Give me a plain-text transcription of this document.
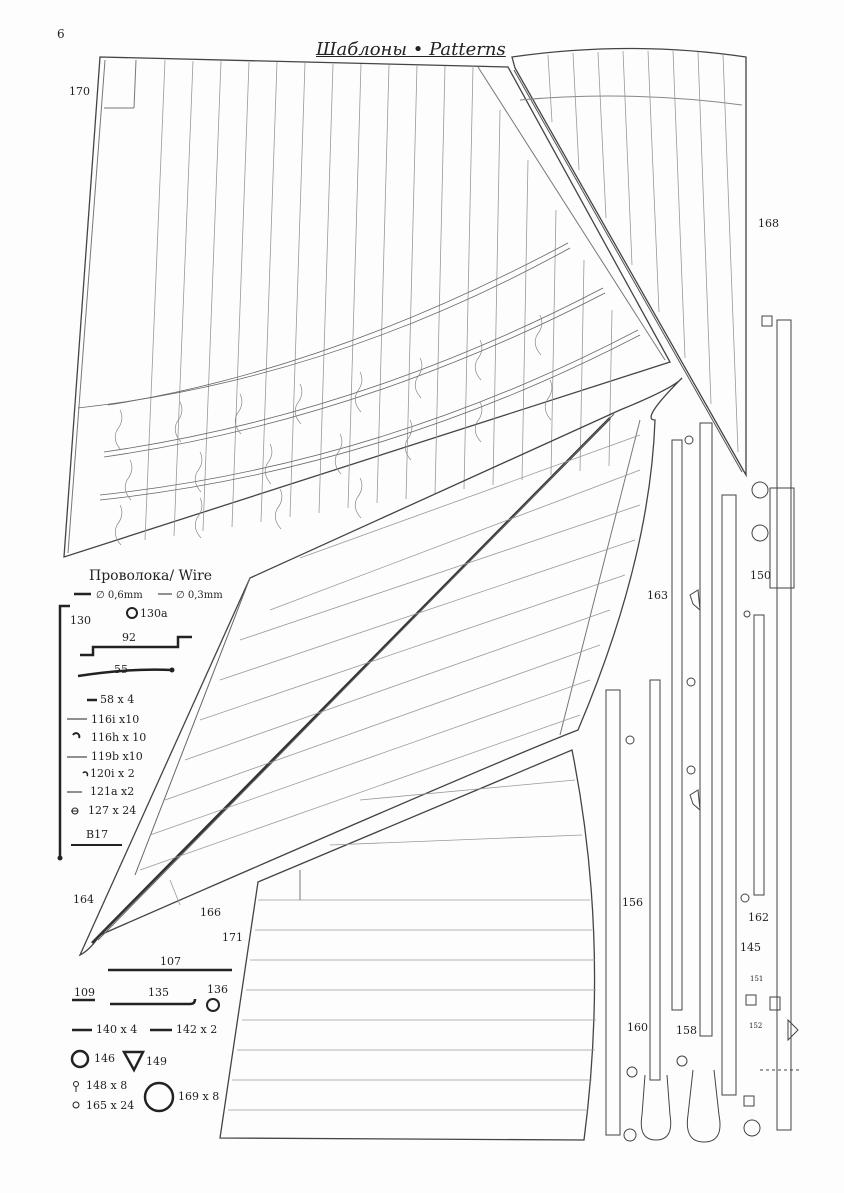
6
Шаблоны • Patterns
170
168
164
166
171
163
150
162
156
145
160	158
151
152
Проволока/ Wire
∅ 0,6mm	∅ 0,3mm
130
130a
92
55
58 x 4
116i x10
116h x 10
119b x10
120i x 2
121a x2
127 x 24
B17
107
109	135	136
140 x 4	142 x 2
146	149
148 x 8
165 x 24
169 x 8
